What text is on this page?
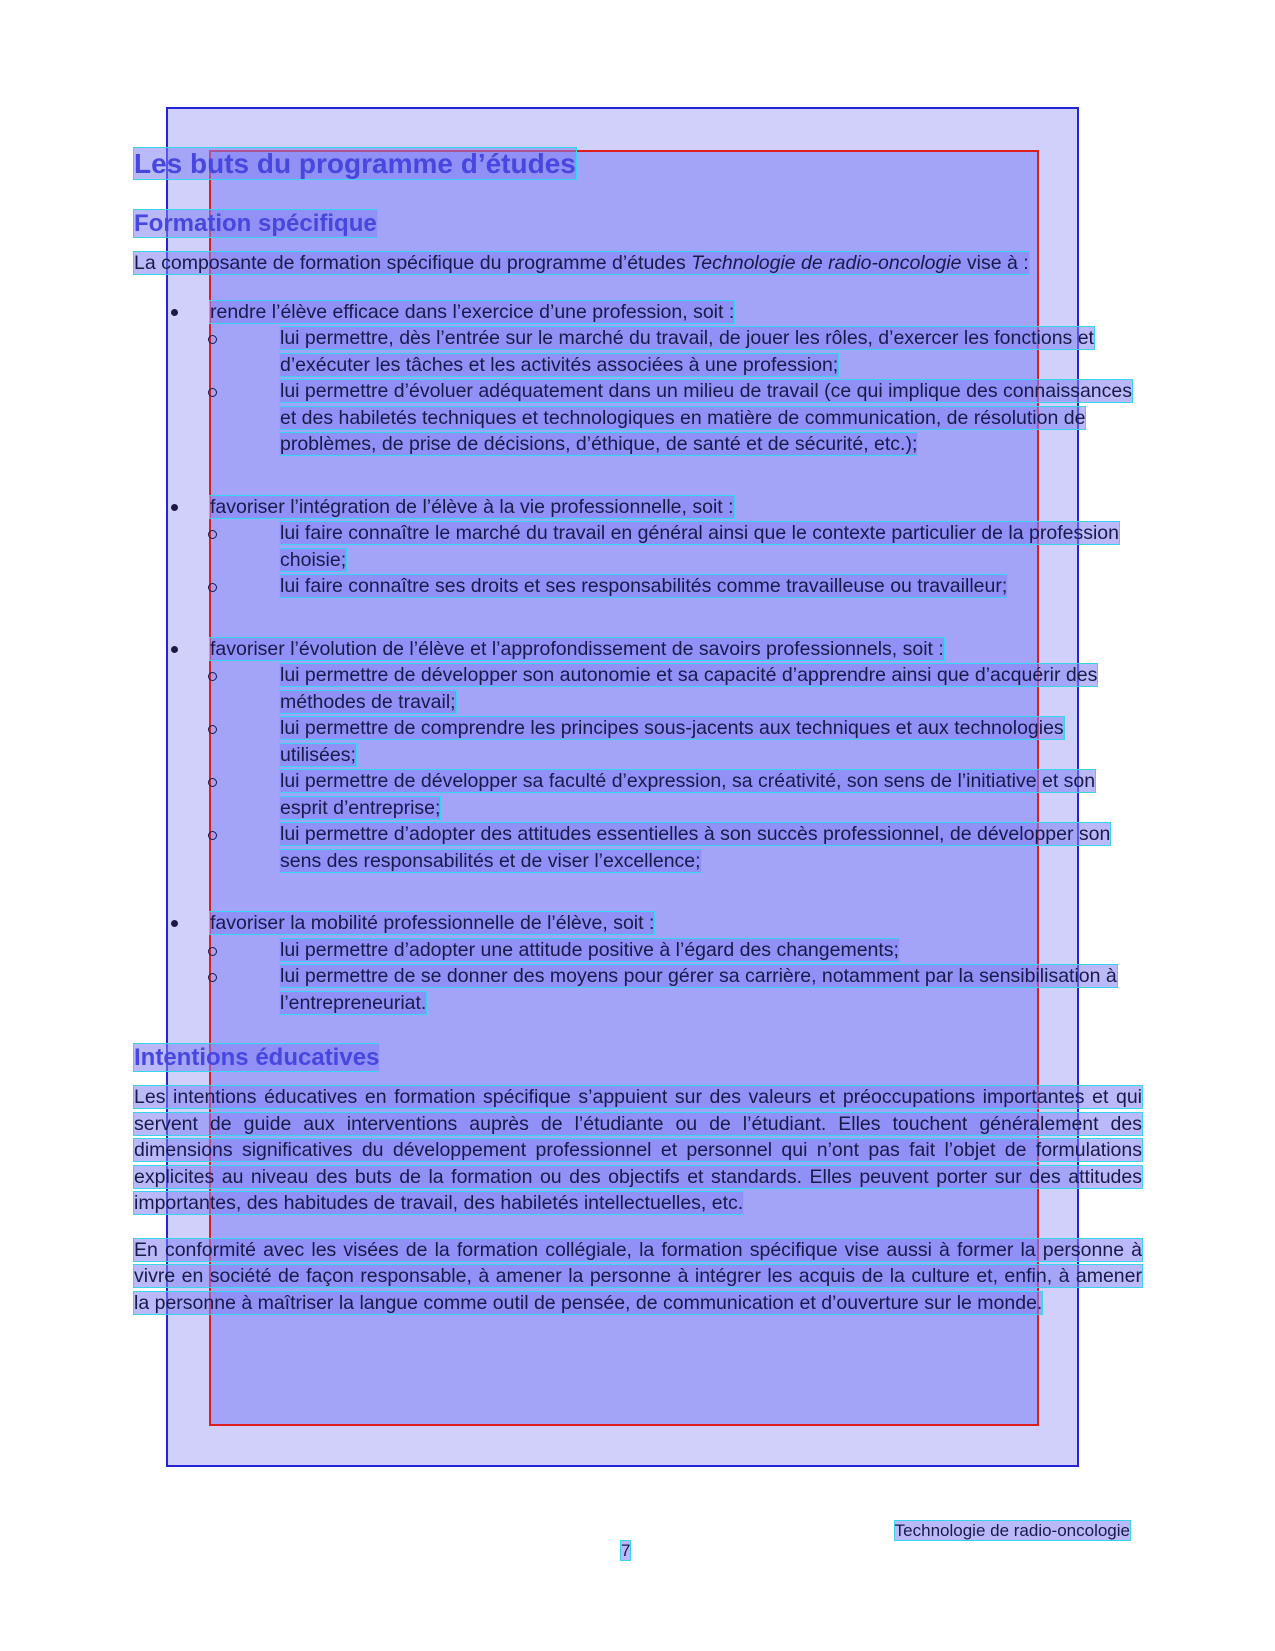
Les buts du programme d’études
Formation spécifique

La composante de formation spécifique du programme d’études Technologie de radio-oncologie vise à :

rendre l’élève efficace dans l’exercice d’une profession, soit :
lui permettre, dès l’entrée sur le marché du travail, de jouer les rôles, d’exercer les fonctions et d’exécuter les tâches et les activités associées à une profession;
lui permettre d’évoluer adéquatement dans un milieu de travail (ce qui implique des connaissances et des habiletés techniques et technologiques en matière de communication, de résolution de problèmes, de prise de décisions, d’éthique, de santé et de sécurité, etc.);
favoriser l’intégration de l’élève à la vie professionnelle, soit :
lui faire connaître le marché du travail en général ainsi que le contexte particulier de la profession choisie;
lui faire connaître ses droits et ses responsabilités comme travailleuse ou travailleur;
favoriser l’évolution de l’élève et l’approfondissement de savoirs professionnels, soit :
lui permettre de développer son autonomie et sa capacité d’apprendre ainsi que d’acquérir des méthodes de travail;
lui permettre de comprendre les principes sous-jacents aux techniques et aux technologies utilisées;
lui permettre de développer sa faculté d’expression, sa créativité, son sens de l’initiative et son esprit d’entreprise;
lui permettre d’adopter des attitudes essentielles à son succès professionnel, de développer son sens des responsabilités et de viser l’excellence;
favoriser la mobilité professionnelle de l’élève, soit :
lui permettre d’adopter une attitude positive à l’égard des changements;
lui permettre de se donner des moyens pour gérer sa carrière, notamment par la sensibilisation à l’entrepreneuriat.
Intentions éducatives

Les intentions éducatives en formation spécifique s’appuient sur des valeurs et préoccupations importantes et qui servent de guide aux interventions auprès de l’étudiante ou de l’étudiant. Elles touchent généralement des dimensions significatives du développement professionnel et personnel qui n’ont pas fait l’objet de formulations explicites au niveau des buts de la formation ou des objectifs et standards. Elles peuvent porter sur des attitudes importantes, des habitudes de travail, des habiletés intellectuelles, etc.

En conformité avec les visées de la formation collégiale, la formation spécifique vise aussi à former la personne à vivre en société de façon responsable, à amener la personne à intégrer les acquis de la culture et, enfin, à amener la personne à maîtriser la langue comme outil de pensée, de communication et d’ouverture sur le monde.

Technologie de radio-oncologie
7
